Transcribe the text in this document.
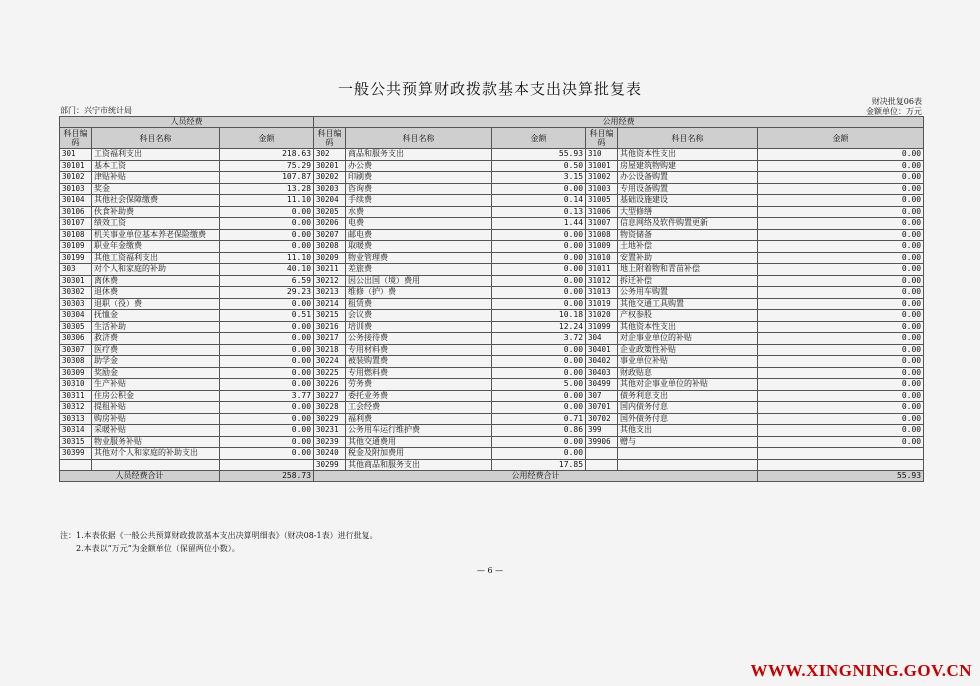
一般公共预算财政拨款基本支出决算批复表
部门：兴宁市统计局
财决批复06表
金额单位：万元
人员经费			公用经费					
科目编码	科目名称	金额	科目编码	科目名称	金额	科目编码	科目名称	金额
301	工资福利支出	218.63	302	商品和服务支出	55.93	310	其他资本性支出	0.00
30101	基本工资	75.29	30201	办公费	0.50	31001	房屋建筑物购建	0.00
30102	津贴补贴	107.87	30202	印刷费	3.15	31002	办公设备购置	0.00
30103	奖金	13.28	30203	咨询费	0.00	31003	专用设备购置	0.00
30104	其他社会保障缴费	11.10	30204	手续费	0.14	31005	基础设施建设	0.00
30106	伙食补助费	0.00	30205	水费	0.13	31006	大型修缮	0.00
30107	绩效工资	0.00	30206	电费	1.44	31007	信息网络及软件购置更新	0.00
30108	机关事业单位基本养老保险缴费	0.00	30207	邮电费	0.00	31008	物资储备	0.00
30109	职业年金缴费	0.00	30208	取暖费	0.00	31009	土地补偿	0.00
30199	其他工资福利支出	11.10	30209	物业管理费	0.00	31010	安置补助	0.00
303	对个人和家庭的补助	40.10	30211	差旅费	0.00	31011	地上附着物和青苗补偿	0.00
30301	离休费	6.59	30212	因公出国（境）费用	0.00	31012	拆迁补偿	0.00
30302	退休费	29.23	30213	维修（护）费	0.00	31013	公务用车购置	0.00
30303	退职（役）费	0.00	30214	租赁费	0.00	31019	其他交通工具购置	0.00
30304	抚恤金	0.51	30215	会议费	10.18	31020	产权参股	0.00
30305	生活补助	0.00	30216	培训费	12.24	31099	其他资本性支出	0.00
30306	救济费	0.00	30217	公务接待费	3.72	304	对企事业单位的补贴	0.00
30307	医疗费	0.00	30218	专用材料费	0.00	30401	企业政策性补贴	0.00
30308	助学金	0.00	30224	被装购置费	0.00	30402	事业单位补贴	0.00
30309	奖励金	0.00	30225	专用燃料费	0.00	30403	财政贴息	0.00
30310	生产补贴	0.00	30226	劳务费	5.00	30499	其他对企事业单位的补贴	0.00
30311	住房公积金	3.77	30227	委托业务费	0.00	307	债务利息支出	0.00
30312	提租补贴	0.00	30228	工会经费	0.00	30701	国内债务付息	0.00
30313	购房补贴	0.00	30229	福利费	0.71	30702	国外债务付息	0.00
30314	采暖补贴	0.00	30231	公务用车运行维护费	0.86	399	其他支出	0.00
30315	物业服务补贴	0.00	30239	其他交通费用	0.00	39906	赠与	0.00
30399	其他对个人和家庭的补助支出	0.00	30240	税金及附加费用	0.00			
			30299	其他商品和服务支出	17.85			
人员经费合计		258.73	公用经费合计					55.93
注：1.本表依据《一般公共预算财政拨款基本支出决算明细表》（财决08-1表）进行批复。
　　2.本表以“万元”为金额单位（保留两位小数）。
— 6 —
WWW.XINGNING.GOV.CN
